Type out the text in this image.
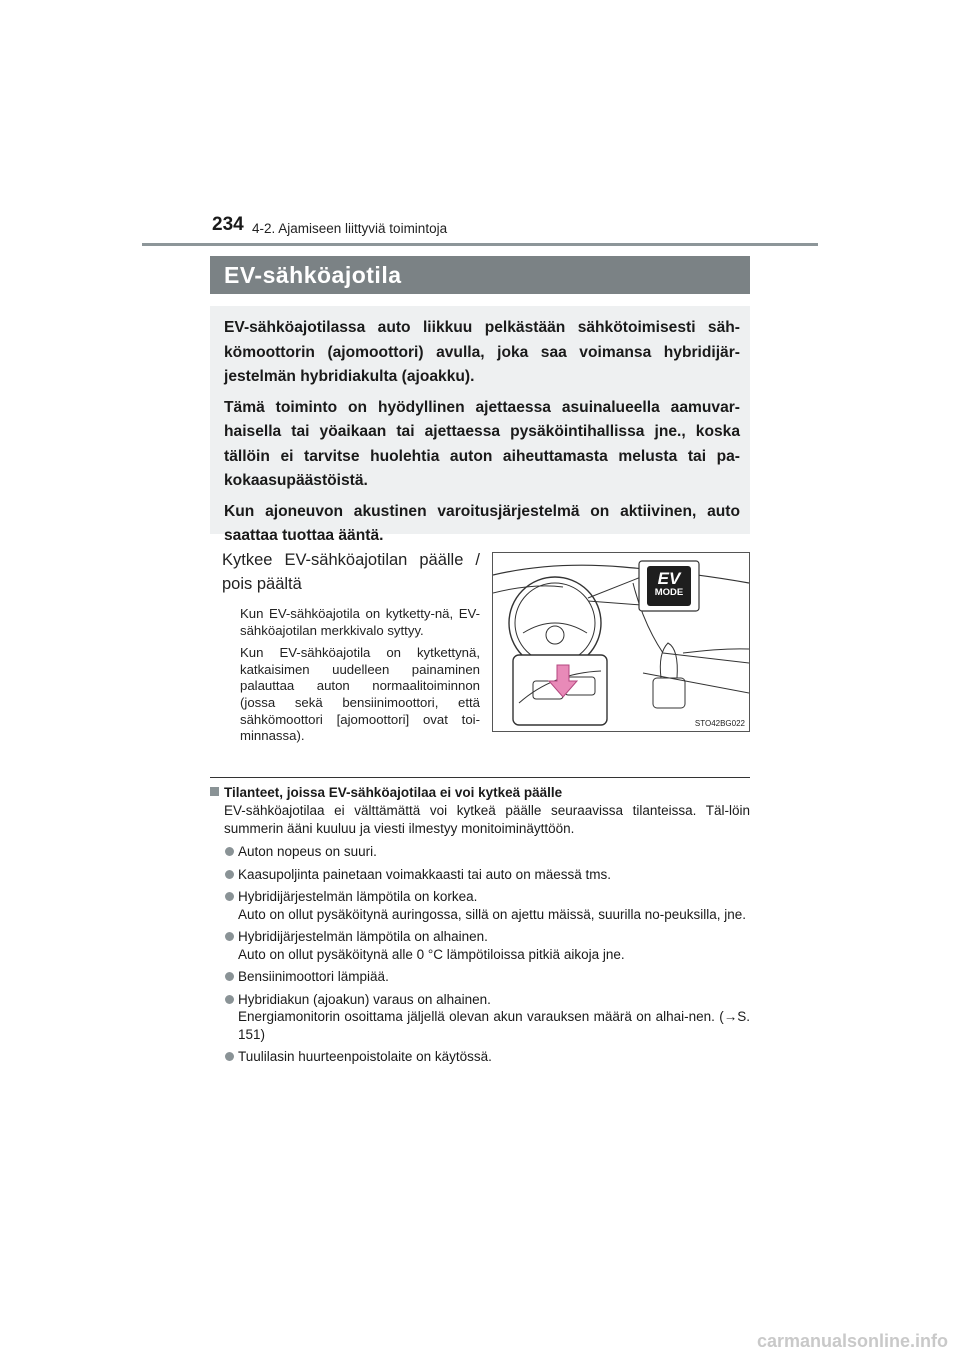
234 4-2. Ajamiseen liittyviä toimintoja
EV-sähköajotila

EV-sähköajotilassa auto liikkuu pelkästään sähkötoimisesti säh-kömoottorin (ajomoottori) avulla, joka saa voimansa hybridijär-jestelmän hybridiakulta (ajoakku).

Tämä toiminto on hyödyllinen ajettaessa asuinalueella aamuvar-haisella tai yöaikaan tai ajettaessa pysäköintihallissa jne., koska tällöin ei tarvitse huolehtia auton aiheuttamasta melusta tai pa-kokaasupäästöistä.

Kun ajoneuvon akustinen varoitusjärjestelmä on aktiivinen, auto saattaa tuottaa ääntä.

Kytkee EV-sähköajotilan päälle / pois päältä

Kun EV-sähköajotila on kytketty-nä, EV-sähköajotilan merkkivalo syttyy.

Kun EV-sähköajotila on kytkettynä, katkaisimen uudelleen painaminen palauttaa auton normaalitoiminnon (jossa sekä bensiinimoottori, että sähkömoottori [ajomoottori] ovat toi-minnassa).

EV
MODE
STO42BG022

Tilanteet, joissa EV-sähköajotilaa ei voi kytkeä päälle

EV-sähköajotilaa ei välttämättä voi kytkeä päälle seuraavissa tilanteissa. Täl-löin summerin ääni kuuluu ja viesti ilmestyy monitoiminäyttöön.

Auton nopeus on suuri.
Kaasupoljinta painetaan voimakkaasti tai auto on mäessä tms.
Hybridijärjestelmän lämpötila on korkea.
Auto on ollut pysäköitynä auringossa, sillä on ajettu mäissä, suurilla no-peuksilla, jne.
Hybridijärjestelmän lämpötila on alhainen.
Auto on ollut pysäköitynä alle 0 °C lämpötiloissa pitkiä aikoja jne.
Bensiinimoottori lämpiää.
Hybridiakun (ajoakun) varaus on alhainen.
Energiamonitorin osoittama jäljellä olevan akun varauksen määrä on alhai-nen. (→S. 151)
Tuulilasin huurteenpoistolaite on käytössä.
carmanualsonline.info
